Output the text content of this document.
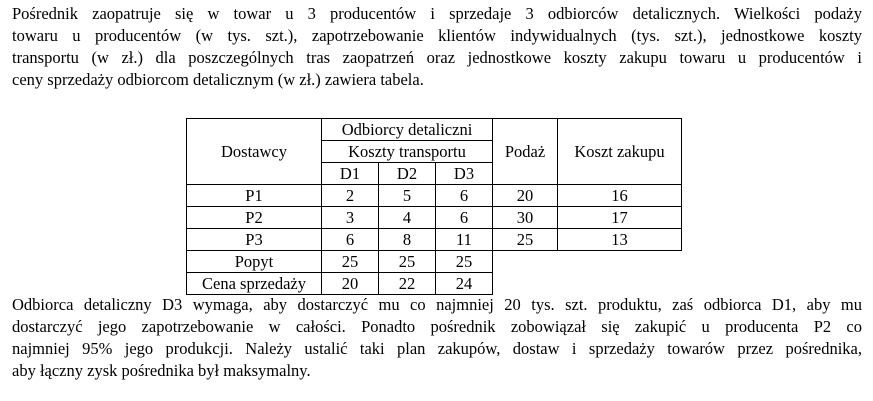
Pośrednik zaopatruje się w towar u 3 producentów i sprzedaje 3 odbiorców detalicznych. Wielkości podaży
towaru u producentów (w tys. szt.), zapotrzebowanie klientów indywidualnych (tys. szt.), jednostkowe koszty
transportu (w zł.) dla poszczególnych tras zaopatrzeń oraz jednostkowe koszty zakupu towaru u producentów i
ceny sprzedaży odbiorcom detalicznym (w zł.) zawiera tabela.

Dostawcy	Odbiorcy detaliczni			Podaż	Koszt zakupu
	Koszty transportu				
	D1	D2	D3		
P1	2	5	6	20	16
P2	3	4	6	30	17
P3	6	8	11	25	13
Popyt	25	25	25		
Cena sprzedaży	20	22	24		

Odbiorca detaliczny D3 wymaga, aby dostarczyć mu co najmniej 20 tys. szt. produktu, zaś odbiorca D1, aby mu
dostarczyć jego zapotrzebowanie w całości. Ponadto pośrednik zobowiązał się zakupić u producenta P2 co
najmniej 95% jego produkcji. Należy ustalić taki plan zakupów, dostaw i sprzedaży towarów przez pośrednika,
aby łączny zysk pośrednika był maksymalny.
